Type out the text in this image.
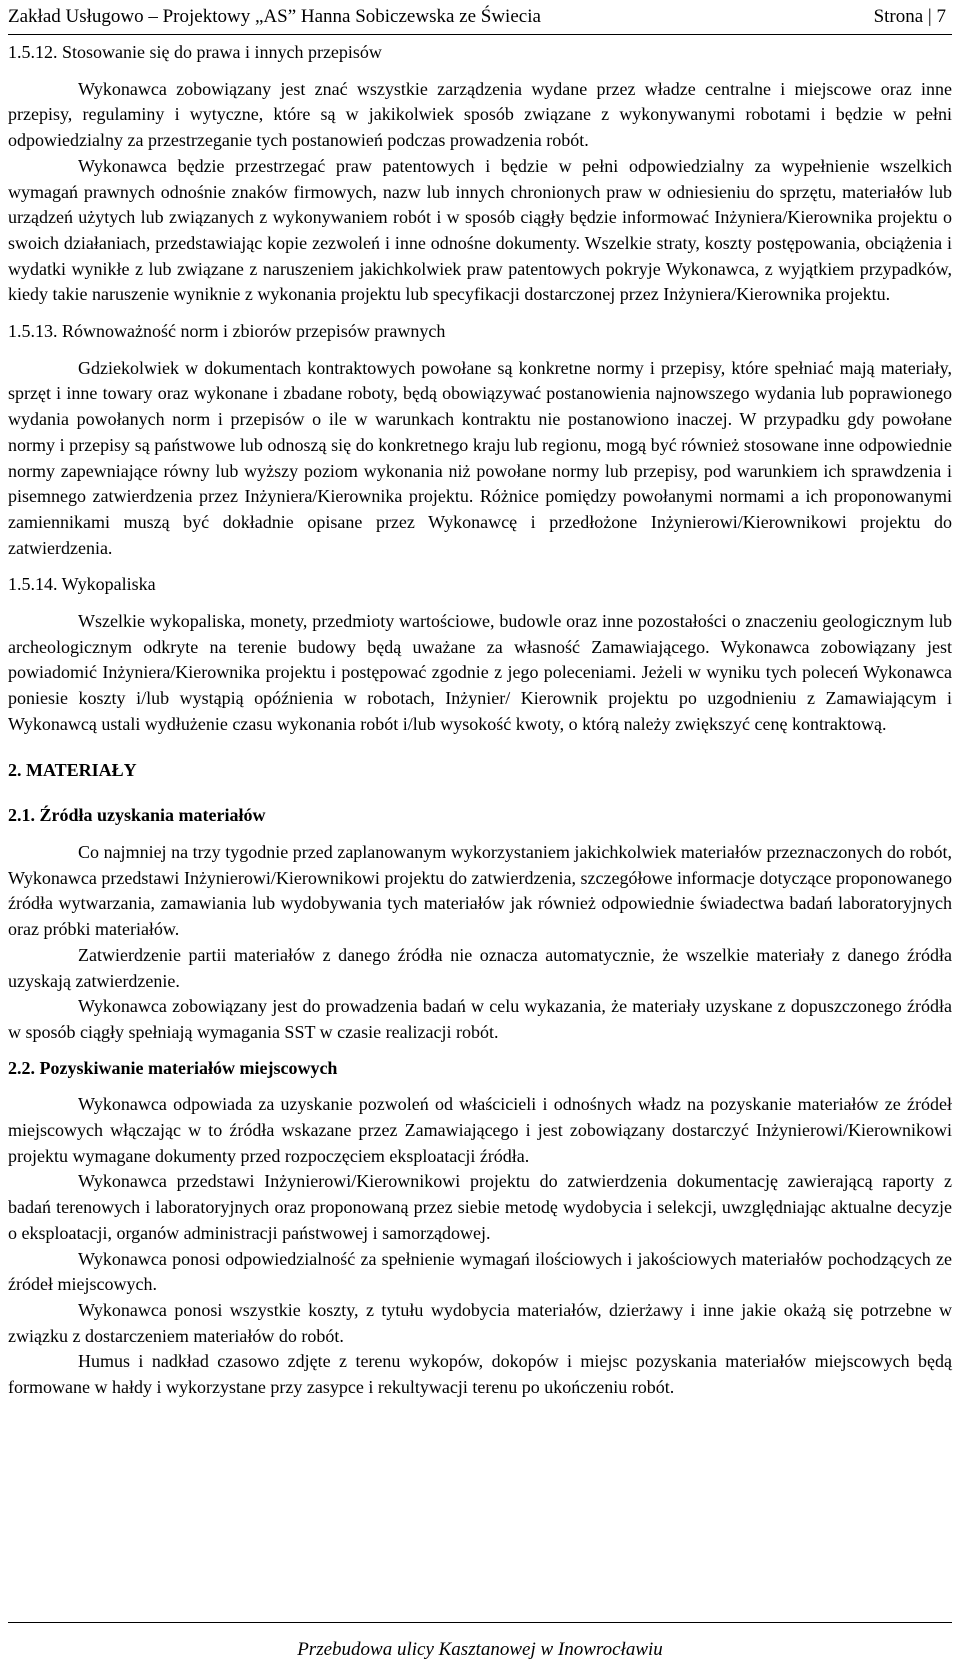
Zakład Usługowo – Projektowy „AS” Hanna Sobiczewska ze Świecia	Strona | 7

1.5.12. Stosowanie się do prawa i innych przepisów

Wykonawca zobowiązany jest znać wszystkie zarządzenia wydane przez władze centralne i miejscowe oraz inne przepisy, regulaminy i wytyczne, które są w jakikolwiek sposób związane z wykonywanymi robotami i będzie w pełni odpowiedzialny za przestrzeganie tych postanowień podczas prowadzenia robót.

Wykonawca będzie przestrzegać praw patentowych i będzie w pełni odpowiedzialny za wypełnienie wszelkich wymagań prawnych odnośnie znaków firmowych, nazw lub innych chronionych praw w odniesieniu do sprzętu, materiałów lub urządzeń użytych lub związanych z wykonywaniem robót i w sposób ciągły będzie informować Inżyniera/Kierownika projektu o swoich działaniach, przedstawiając kopie zezwoleń i inne odnośne dokumenty. Wszelkie straty, koszty postępowania, obciążenia i wydatki wynikłe z lub związane z naruszeniem jakichkolwiek praw patentowych pokryje Wykonawca, z wyjątkiem przypadków, kiedy takie naruszenie wyniknie z wykonania projektu lub specyfikacji dostarczonej przez Inżyniera/Kierownika projektu.

1.5.13. Równoważność norm i zbiorów przepisów prawnych

Gdziekolwiek w dokumentach kontraktowych powołane są konkretne normy i przepisy, które spełniać mają materiały, sprzęt i inne towary oraz wykonane i zbadane roboty, będą obowiązywać postanowienia najnowszego wydania lub poprawionego wydania powołanych norm i przepisów o ile w warunkach kontraktu nie postanowiono inaczej. W przypadku gdy powołane normy i przepisy są państwowe lub odnoszą się do konkretnego kraju lub regionu, mogą być również stosowane inne odpowiednie normy zapewniające równy lub wyższy poziom wykonania niż powołane normy lub przepisy, pod warunkiem ich sprawdzenia i pisemnego zatwierdzenia przez Inżyniera/Kierownika projektu. Różnice pomiędzy powołanymi normami a ich proponowanymi zamiennikami muszą być dokładnie opisane przez Wykonawcę i przedłożone Inżynierowi/Kierownikowi projektu do zatwierdzenia.

1.5.14. Wykopaliska

Wszelkie wykopaliska, monety, przedmioty wartościowe, budowle oraz inne pozostałości o znaczeniu geologicznym lub archeologicznym odkryte na terenie budowy będą uważane za własność Zamawiającego. Wykonawca zobowiązany jest powiadomić Inżyniera/Kierownika projektu i postępować zgodnie z jego poleceniami. Jeżeli w wyniku tych poleceń Wykonawca poniesie koszty i/lub wystąpią opóźnienia w robotach, Inżynier/ Kierownik projektu po uzgodnieniu z Zamawiającym i Wykonawcą ustali wydłużenie czasu wykonania robót i/lub wysokość kwoty, o którą należy zwiększyć cenę kontraktową.

2. MATERIAŁY

2.1. Źródła uzyskania materiałów

Co najmniej na trzy tygodnie przed zaplanowanym wykorzystaniem jakichkolwiek materiałów przeznaczonych do robót, Wykonawca przedstawi Inżynierowi/Kierownikowi projektu do zatwierdzenia, szczegółowe informacje dotyczące proponowanego źródła wytwarzania, zamawiania lub wydobywania tych materiałów jak również odpowiednie świadectwa badań laboratoryjnych oraz próbki materiałów.

Zatwierdzenie partii materiałów z danego źródła nie oznacza automatycznie, że wszelkie materiały z danego źródła uzyskają zatwierdzenie.

Wykonawca zobowiązany jest do prowadzenia badań w celu wykazania, że materiały uzyskane z dopuszczonego źródła w sposób ciągły spełniają wymagania SST w czasie realizacji robót.

2.2. Pozyskiwanie materiałów miejscowych

Wykonawca odpowiada za uzyskanie pozwoleń od właścicieli i odnośnych władz na pozyskanie materiałów ze źródeł miejscowych włączając w to źródła wskazane przez Zamawiającego i jest zobowiązany dostarczyć Inżynierowi/Kierownikowi projektu wymagane dokumenty przed rozpoczęciem eksploatacji źródła.

Wykonawca przedstawi Inżynierowi/Kierownikowi projektu do zatwierdzenia dokumentację zawierającą raporty z badań terenowych i laboratoryjnych oraz proponowaną przez siebie metodę wydobycia i selekcji, uwzględniając aktualne decyzje o eksploatacji, organów administracji państwowej i samorządowej.

Wykonawca ponosi odpowiedzialność za spełnienie wymagań ilościowych i jakościowych materiałów pochodzących ze źródeł miejscowych.

Wykonawca ponosi wszystkie koszty, z tytułu wydobycia materiałów, dzierżawy i inne jakie okażą się potrzebne w związku z dostarczeniem materiałów do robót.

Humus i nadkład czasowo zdjęte z terenu wykopów, dokopów i miejsc pozyskania materiałów miejscowych będą formowane w hałdy i wykorzystane przy zasypce i rekultywacji terenu po ukończeniu robót.

Przebudowa ulicy Kasztanowej w Inowrocławiu
